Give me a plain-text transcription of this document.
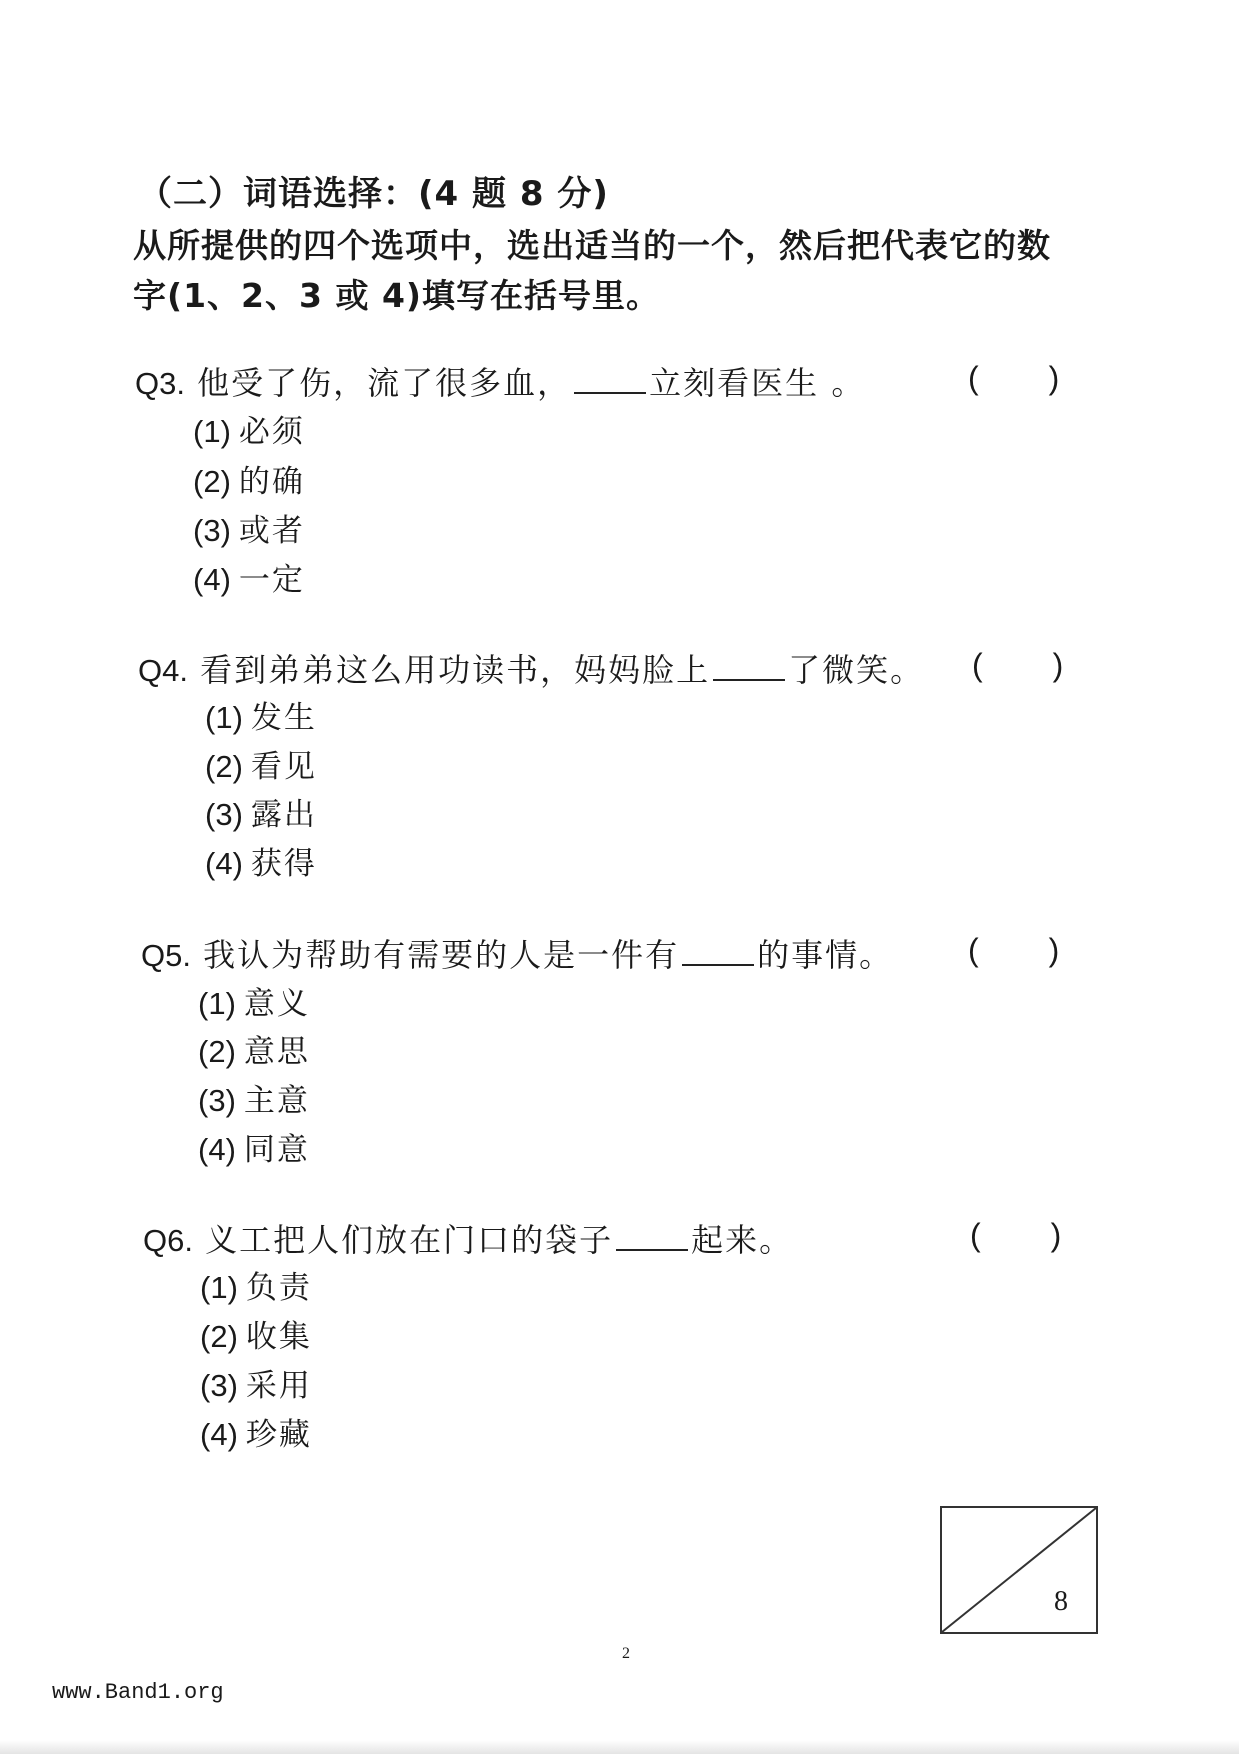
（二）词语选择：(4 题 8 分)
从所提供的四个选项中，选出适当的一个，然后把代表它的数
字(1、2、3 或 4)填写在括号里。
Q3. 他受了伤，流了很多血， 立刻看医生 。	( )
(1) 必须
(2) 的确
(3) 或者
(4) 一定
Q4. 看到弟弟这么用功读书，妈妈脸上 了微笑。 ( )
(1) 发生
(2) 看见
(3) 露出
(4) 获得
Q5. 我认为帮助有需要的人是一件有 的事情。 ( )
(1) 意义
(2) 意思
(3) 主意
(4) 同意
Q6. 义工把人们放在门口的袋子 起来。	( )
(1) 负责
(2) 收集
(3) 采用
(4) 珍藏
8
2
www.Band1.org
